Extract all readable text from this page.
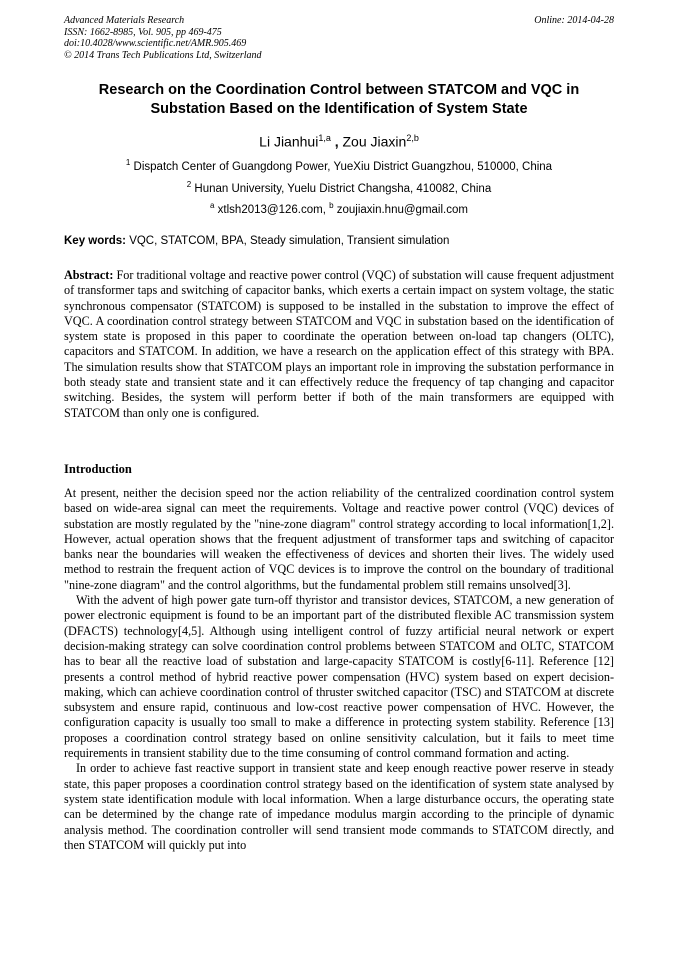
Advanced Materials Research
ISSN: 1662-8985, Vol. 905, pp 469-475
doi:10.4028/www.scientific.net/AMR.905.469
© 2014 Trans Tech Publications Ltd, Switzerland
Online: 2014-04-28
Research on the Coordination Control between STATCOM and VQC in
Substation Based on the Identification of System State
Li Jianhui$^{1,a}$ , Zou Jiaxin$^{2,b}$
$^1$ Dispatch Center of Guangdong Power, YueXiu District Guangzhou, 510000, China
$^2$ Hunan University, Yuelu District Changsha, 410082, China
$^a$ xtlsh2013@126.com, $^b$ zoujiaxin.hnu@gmail.com
Key words: VQC, STATCOM, BPA, Steady simulation, Transient simulation
Abstract: For traditional voltage and reactive power control (VQC) of substation will cause frequent adjustment of transformer taps and switching of capacitor banks, which exerts a certain impact on system voltage, the static synchronous compensator (STATCOM) is supposed to be installed in the substation to improve the effect of VQC. A coordination control strategy between STATCOM and VQC in substation based on the identification of system state is proposed in this paper to coordinate the operation between on-load tap changers (OLTC), capacitors and STATCOM. In addition, we have a research on the application effect of this strategy with BPA. The simulation results show that STATCOM plays an important role in improving the substation performance in both steady state and transient state and it can effectively reduce the frequency of tap changing and capacitor switching. Besides, the system will perform better if both of the main transformers are equipped with STATCOM than only one is configured.
Introduction

At present, neither the decision speed nor the action reliability of the centralized coordination control system based on wide-area signal can meet the requirements. Voltage and reactive power control (VQC) devices of substation are mostly regulated by the "nine-zone diagram" control strategy according to local information[1,2]. However, actual operation shows that the frequent adjustment of transformer taps and switching of capacitor banks near the boundaries will weaken the effectiveness of devices and shorten their lives. The widely used method to restrain the frequent action of VQC devices is to improve the control on the boundary of traditional "nine-zone diagram" and the control algorithms, but the fundamental problem still remains unsolved[3].

With the advent of high power gate turn-off thyristor and transistor devices, STATCOM, a new generation of power electronic equipment is found to be an important part of the distributed flexible AC transmission system (DFACTS) technology[4,5]. Although using intelligent control of fuzzy artificial neural network or expert decision-making strategy can solve coordination control problems between STATCOM and OLTC, STATCOM has to bear all the reactive load of substation and large-capacity STATCOM is costly[6-11]. Reference [12] presents a control method of hybrid reactive power compensation (HVC) system based on expert decision-making, which can achieve coordination control of thruster switched capacitor (TSC) and STATCOM at discrete subsystem and ensure rapid, continuous and low-cost reactive power compensation of HVC. However, the configuration capacity is usually too small to make a difference in protecting system stability. Reference [13] proposes a coordination control strategy based on online sensitivity calculation, but it fails to meet time requirements in transient stability due to the time consuming of control command formation and acting.

In order to achieve fast reactive support in transient state and keep enough reactive power reserve in steady state, this paper proposes a coordination control strategy based on the identification of system state analysed by system state identification module with local information. When a large disturbance occurs, the operating state can be determined by the change rate of impedance modulus margin according to the principle of dynamic analysis method. The coordination controller will send transient mode commands to STATCOM directly, and then STATCOM will quickly put into
